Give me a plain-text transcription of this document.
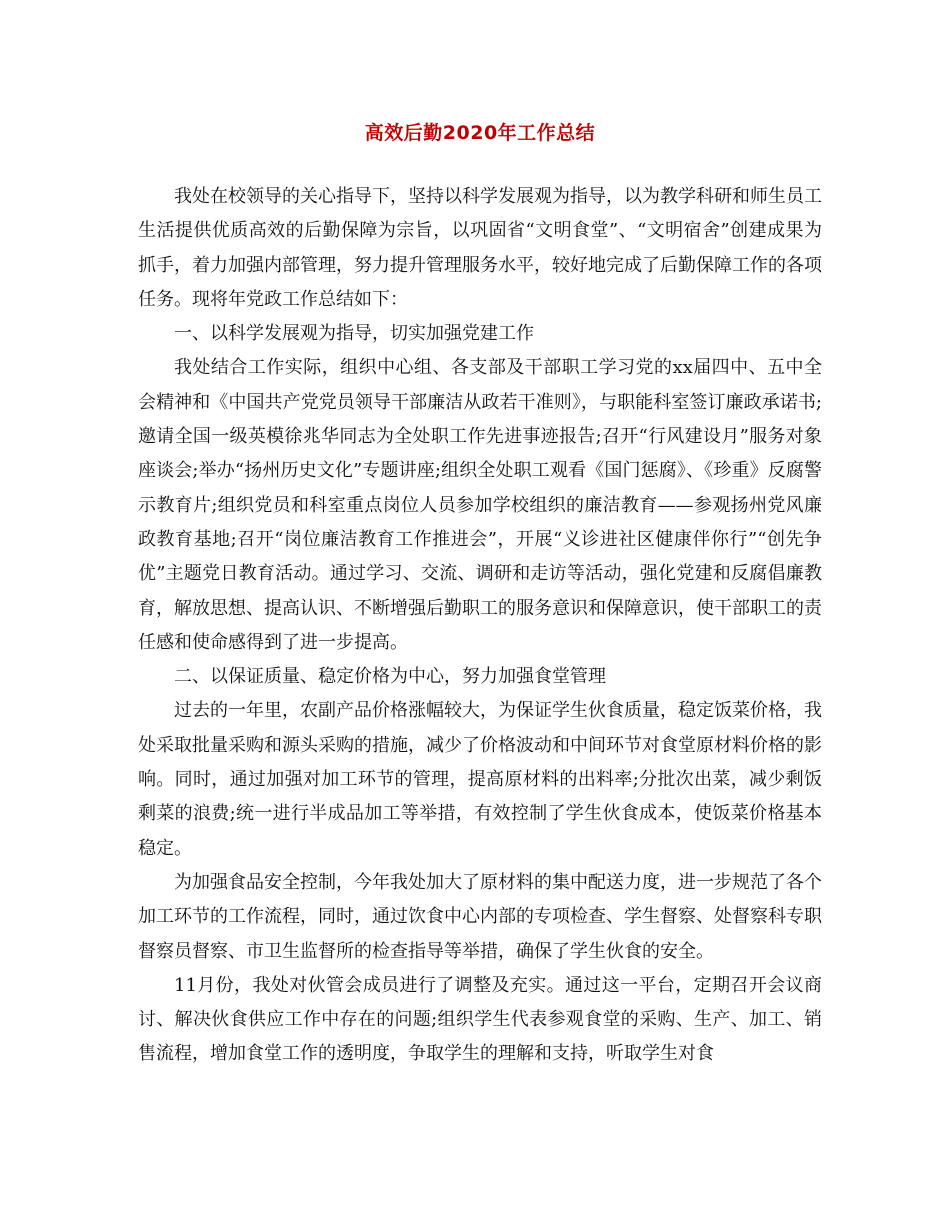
高效后勤2020年工作总结

我处在校领导的关心指导下，坚持以科学发展观为指导，以为教学科研和师生员工生活提供优质高效的后勤保障为宗旨，以巩固省“文明食堂”、“文明宿舍”创建成果为抓手，着力加强内部管理，努力提升管理服务水平，较好地完成了后勤保障工作的各项任务。现将年党政工作总结如下：

一、以科学发展观为指导，切实加强党建工作

我处结合工作实际，组织中心组、各支部及干部职工学习党的xx届四中、五中全会精神和《中国共产党党员领导干部廉洁从政若干准则》，与职能科室签订廉政承诺书;邀请全国一级英模徐兆华同志为全处职工作先进事迹报告;召开“行风建设月”服务对象座谈会;举办“扬州历史文化”专题讲座;组织全处职工观看《国门惩腐》、《珍重》反腐警示教育片;组织党员和科室重点岗位人员参加学校组织的廉洁教育——参观扬州党风廉政教育基地;召开“岗位廉洁教育工作推进会”，开展“义诊进社区健康伴你行”“创先争优”主题党日教育活动。通过学习、交流、调研和走访等活动，强化党建和反腐倡廉教育，解放思想、提高认识、不断增强后勤职工的服务意识和保障意识，使干部职工的责任感和使命感得到了进一步提高。

二、以保证质量、稳定价格为中心，努力加强食堂管理

过去的一年里，农副产品价格涨幅较大，为保证学生伙食质量，稳定饭菜价格，我处采取批量采购和源头采购的措施，减少了价格波动和中间环节对食堂原材料价格的影响。同时，通过加强对加工环节的管理，提高原材料的出料率;分批次出菜，减少剩饭剩菜的浪费;统一进行半成品加工等举措，有效控制了学生伙食成本，使饭菜价格基本稳定。

为加强食品安全控制，今年我处加大了原材料的集中配送力度，进一步规范了各个加工环节的工作流程，同时，通过饮食中心内部的专项检查、学生督察、处督察科专职督察员督察、市卫生监督所的检查指导等举措，确保了学生伙食的安全。

11月份，我处对伙管会成员进行了调整及充实。通过这一平台，定期召开会议商讨、解决伙食供应工作中存在的问题;组织学生代表参观食堂的采购、生产、加工、销售流程，增加食堂工作的透明度，争取学生的理解和支持，听取学生对食
